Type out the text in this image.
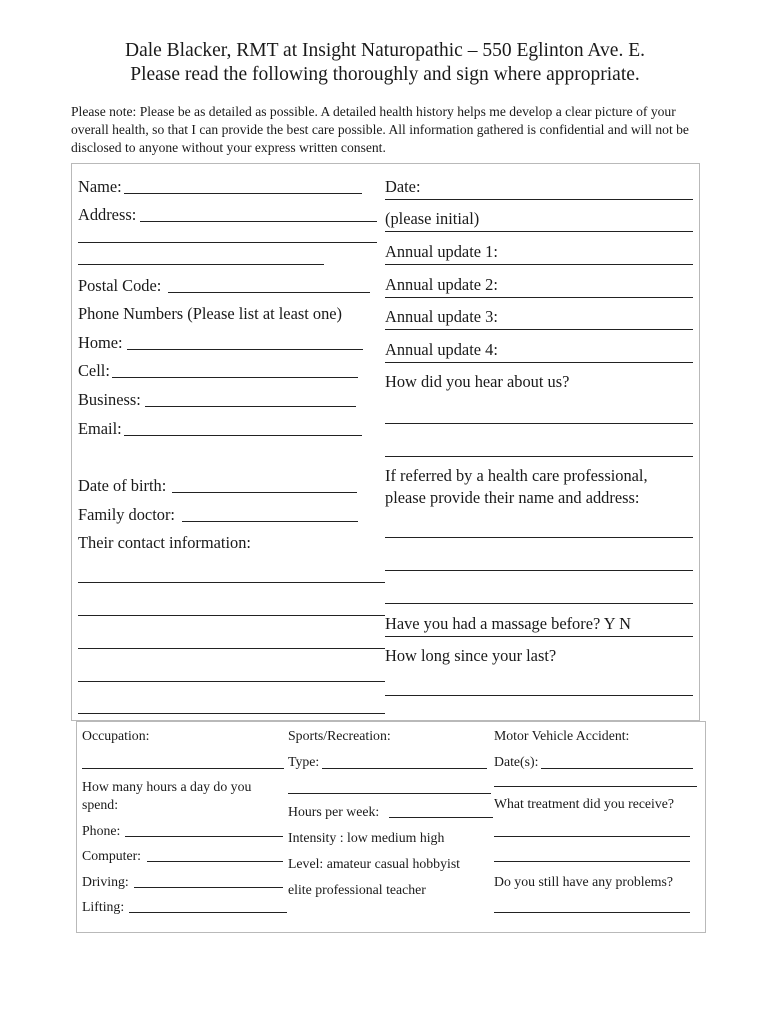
Dale Blacker, RMT at Insight Naturopathic – 550 Eglinton Ave. E.
Please read the following thoroughly and sign where appropriate.
Please note: Please be as detailed as possible. A detailed health history helps me develop a clear picture of your overall health, so that I can provide the best care possible. All information gathered is confidential and will not be disclosed to anyone without your express written consent.
Name:
Address:
Postal Code:
Phone Numbers (Please list at least one)
Home:
Cell:
Business:
Email:
Date of birth:
Family doctor:
Their contact information:
Date:
(please initial)
Annual update 1:
Annual update 2:
Annual update 3:
Annual update 4:
How did you hear about us?
If referred by a health care professional,
please provide their name and address:
Have you had a massage before? Y N
How long since your last?
Occupation:
How many hours a day do you
spend:
Phone:
Computer:
Driving:
Lifting:
Sports/Recreation:
Type:
Hours per week:
Intensity : low medium high
Level: amateur casual hobbyist
elite professional teacher
Motor Vehicle Accident:
Date(s):
What treatment did you receive?
Do you still have any problems?
